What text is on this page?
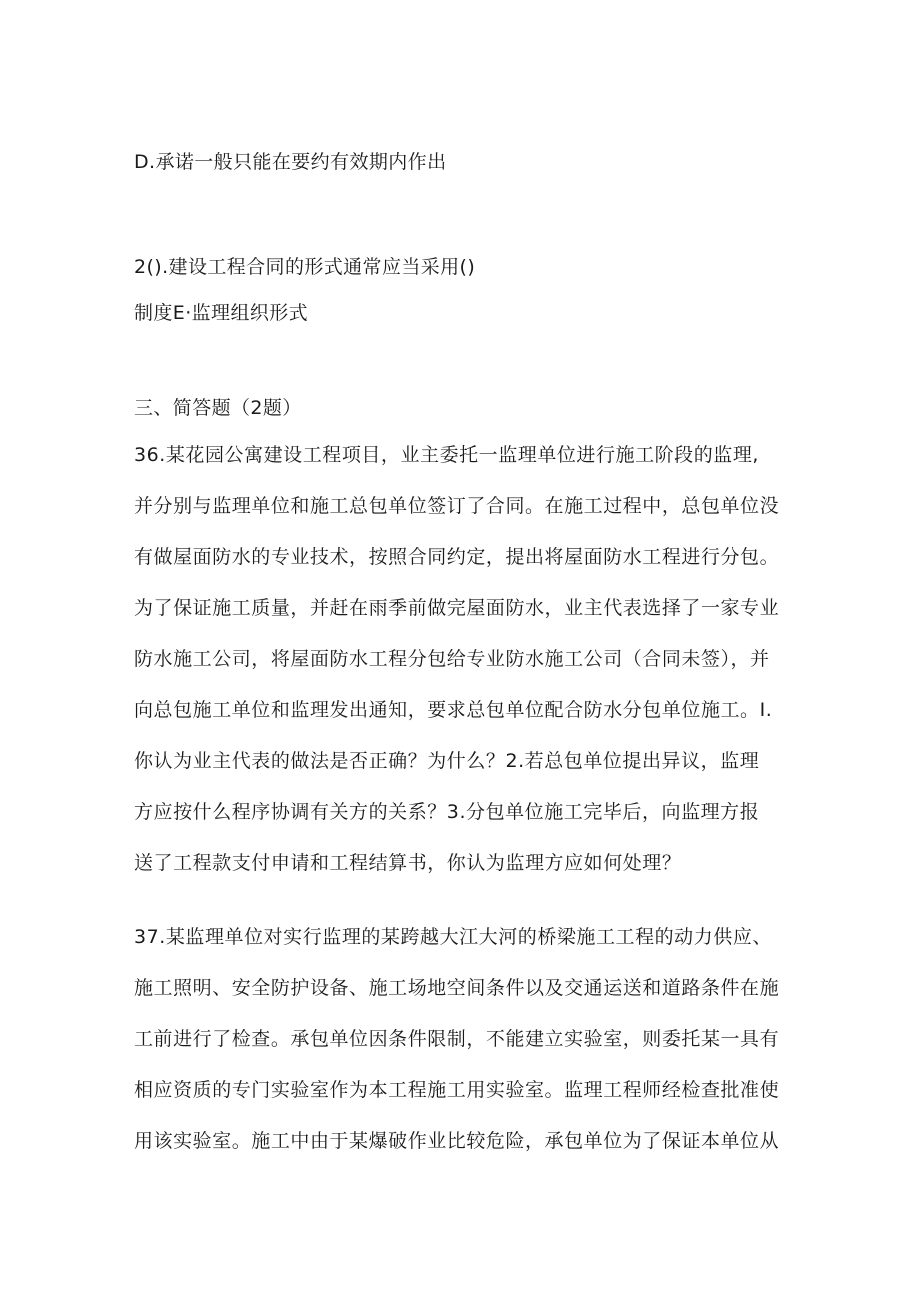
D.承诺一般只能在要约有效期内作出
2().建设工程合同的形式通常应当采用()
制度E·监理组织形式
三、简答题（2题）
36.某花园公寓建设工程项目，业主委托一监理单位进行施工阶段的监理,
并分别与监理单位和施工总包单位签订了合同。在施工过程中，总包单位没
有做屋面防水的专业技术，按照合同约定，提出将屋面防水工程进行分包。
为了保证施工质量，并赶在雨季前做完屋面防水，业主代表选择了一家专业
防水施工公司，将屋面防水工程分包给专业防水施工公司（合同未签），并
向总包施工单位和监理发出通知，要求总包单位配合防水分包单位施工。I.
你认为业主代表的做法是否正确？为什么？2.若总包单位提出异议，监理
方应按什么程序协调有关方的关系？3.分包单位施工完毕后，向监理方报
送了工程款支付申请和工程结算书，你认为监理方应如何处理？
37.某监理单位对实行监理的某跨越大江大河的桥梁施工工程的动力供应、
施工照明、安全防护设备、施工场地空间条件以及交通运送和道路条件在施
工前进行了检查。承包单位因条件限制，不能建立实验室，则委托某一具有
相应资质的专门实验室作为本工程施工用实验室。监理工程师经检查批准使
用该实验室。施工中由于某爆破作业比较危险，承包单位为了保证本单位从
